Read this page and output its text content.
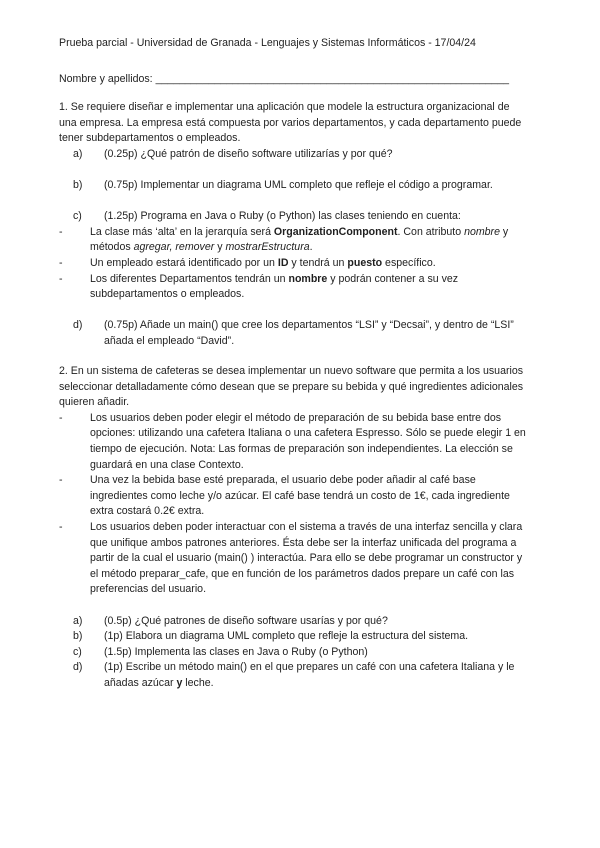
Prueba parcial - Universidad de Granada - Lenguajes y Sistemas Informáticos - 17/04/24

Nombre y apellidos: ____________________________________________________________

1. Se requiere diseñar e implementar una aplicación que modele la estructura organizacional de una empresa. La empresa está compuesta por varios departamentos, y cada departamento puede tener subdepartamentos o empleados.

a)	(0.25p) ¿Qué patrón de diseño software utilizarías y por qué?
b)	(0.75p) Implementar un diagrama UML completo que refleje el código a programar.
c)	(1.25p) Programa en Java o Ruby (o Python) las clases teniendo en cuenta:
-	La clase más ‘alta’ en la jerarquía será OrganizationComponent. Con atributo nombre y métodos agregar, remover y mostrarEstructura.
-	Un empleado estará identificado por un ID y tendrá un puesto específico.
-	Los diferentes Departamentos tendrán un nombre y podrán contener a su vez subdepartamentos o empleados.
d)	(0.75p) Añade un main() que cree los departamentos “LSI” y “Decsai”, y dentro de “LSI” añada el empleado “David”.

2. En un sistema de cafeteras se desea implementar un nuevo software que permita a los usuarios seleccionar detalladamente cómo desean que se prepare su bebida y qué ingredientes adicionales quieren añadir.

-	Los usuarios deben poder elegir el método de preparación de su bebida base entre dos opciones: utilizando una cafetera Italiana o una cafetera Espresso. Sólo se puede elegir 1 en tiempo de ejecución. Nota: Las formas de preparación son independientes. La elección se guardará en una clase Contexto.
-	Una vez la bebida base esté preparada, el usuario debe poder añadir al café base ingredientes como leche y/o azúcar. El café base tendrá un costo de 1€, cada ingrediente extra costará 0.2€ extra.
-	Los usuarios deben poder interactuar con el sistema a través de una interfaz sencilla y clara que unifique ambos patrones anteriores. Ésta debe ser la interfaz unificada del programa a partir de la cual el usuario (main() ) interactúa. Para ello se debe programar un constructor y el método preparar_cafe, que en función de los parámetros dados prepare un café con las preferencias del usuario.
a)	(0.5p) ¿Qué patrones de diseño software usarías y por qué?
b)	(1p) Elabora un diagrama UML completo que refleje la estructura del sistema.
c)	(1.5p) Implementa las clases en Java o Ruby (o Python)
d)	(1p) Escribe un método main() en el que prepares un café con una cafetera Italiana y le añadas azúcar y leche.
